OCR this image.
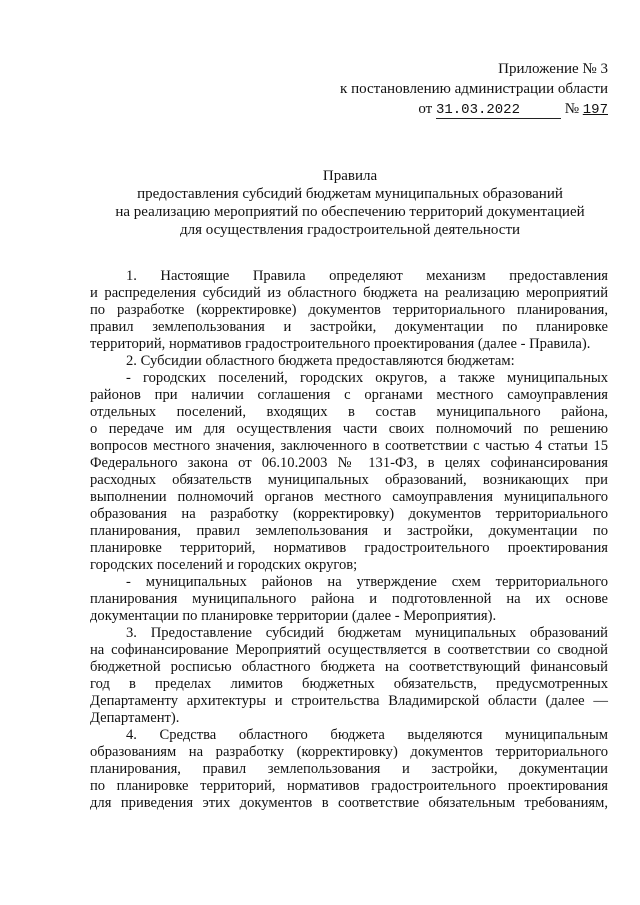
Приложение № 3
к постановлению администрации области
от 31.03.2022	№ 197
Правила
предоставления субсидий бюджетам муниципальных образований
на реализацию мероприятий по обеспечению территорий документацией
для осуществления градостроительной деятельности
1. Настоящие Правила определяют механизм предоставления
и распределения субсидий из областного бюджета на реализацию мероприятий
по разработке (корректировке) документов территориального планирования,
правил землепользования и застройки, документации по планировке
территорий, нормативов градостроительного проектирования (далее - Правила).
2. Субсидии областного бюджета предоставляются бюджетам:
- городских поселений, городских округов, а также муниципальных
районов при наличии соглашения с органами местного самоуправления
отдельных поселений, входящих в состав муниципального района,
о передаче им для осуществления части своих полномочий по решению
вопросов местного значения, заключенного в соответствии с частью 4 статьи 15
Федерального закона от 06.10.2003 № 131-ФЗ, в целях софинансирования
расходных обязательств муниципальных образований, возникающих при
выполнении полномочий органов местного самоуправления муниципального
образования на разработку (корректировку) документов территориального
планирования, правил землепользования и застройки, документации по
планировке территорий, нормативов градостроительного проектирования
городских поселений и городских округов;
- муниципальных районов на утверждение схем территориального
планирования муниципального района и подготовленной на их основе
документации по планировке территории (далее - Мероприятия).
3. Предоставление субсидий бюджетам муниципальных образований
на софинансирование Мероприятий осуществляется в соответствии со сводной
бюджетной росписью областного бюджета на соответствующий финансовый
год в пределах лимитов бюджетных обязательств, предусмотренных
Департаменту архитектуры и строительства Владимирской области (далее —
Департамент).
4. Средства областного бюджета выделяются муниципальным
образованиям на разработку (корректировку) документов территориального
планирования, правил землепользования и застройки, документации
по планировке территорий, нормативов градостроительного проектирования
для приведения этих документов в соответствие обязательным требованиям,
